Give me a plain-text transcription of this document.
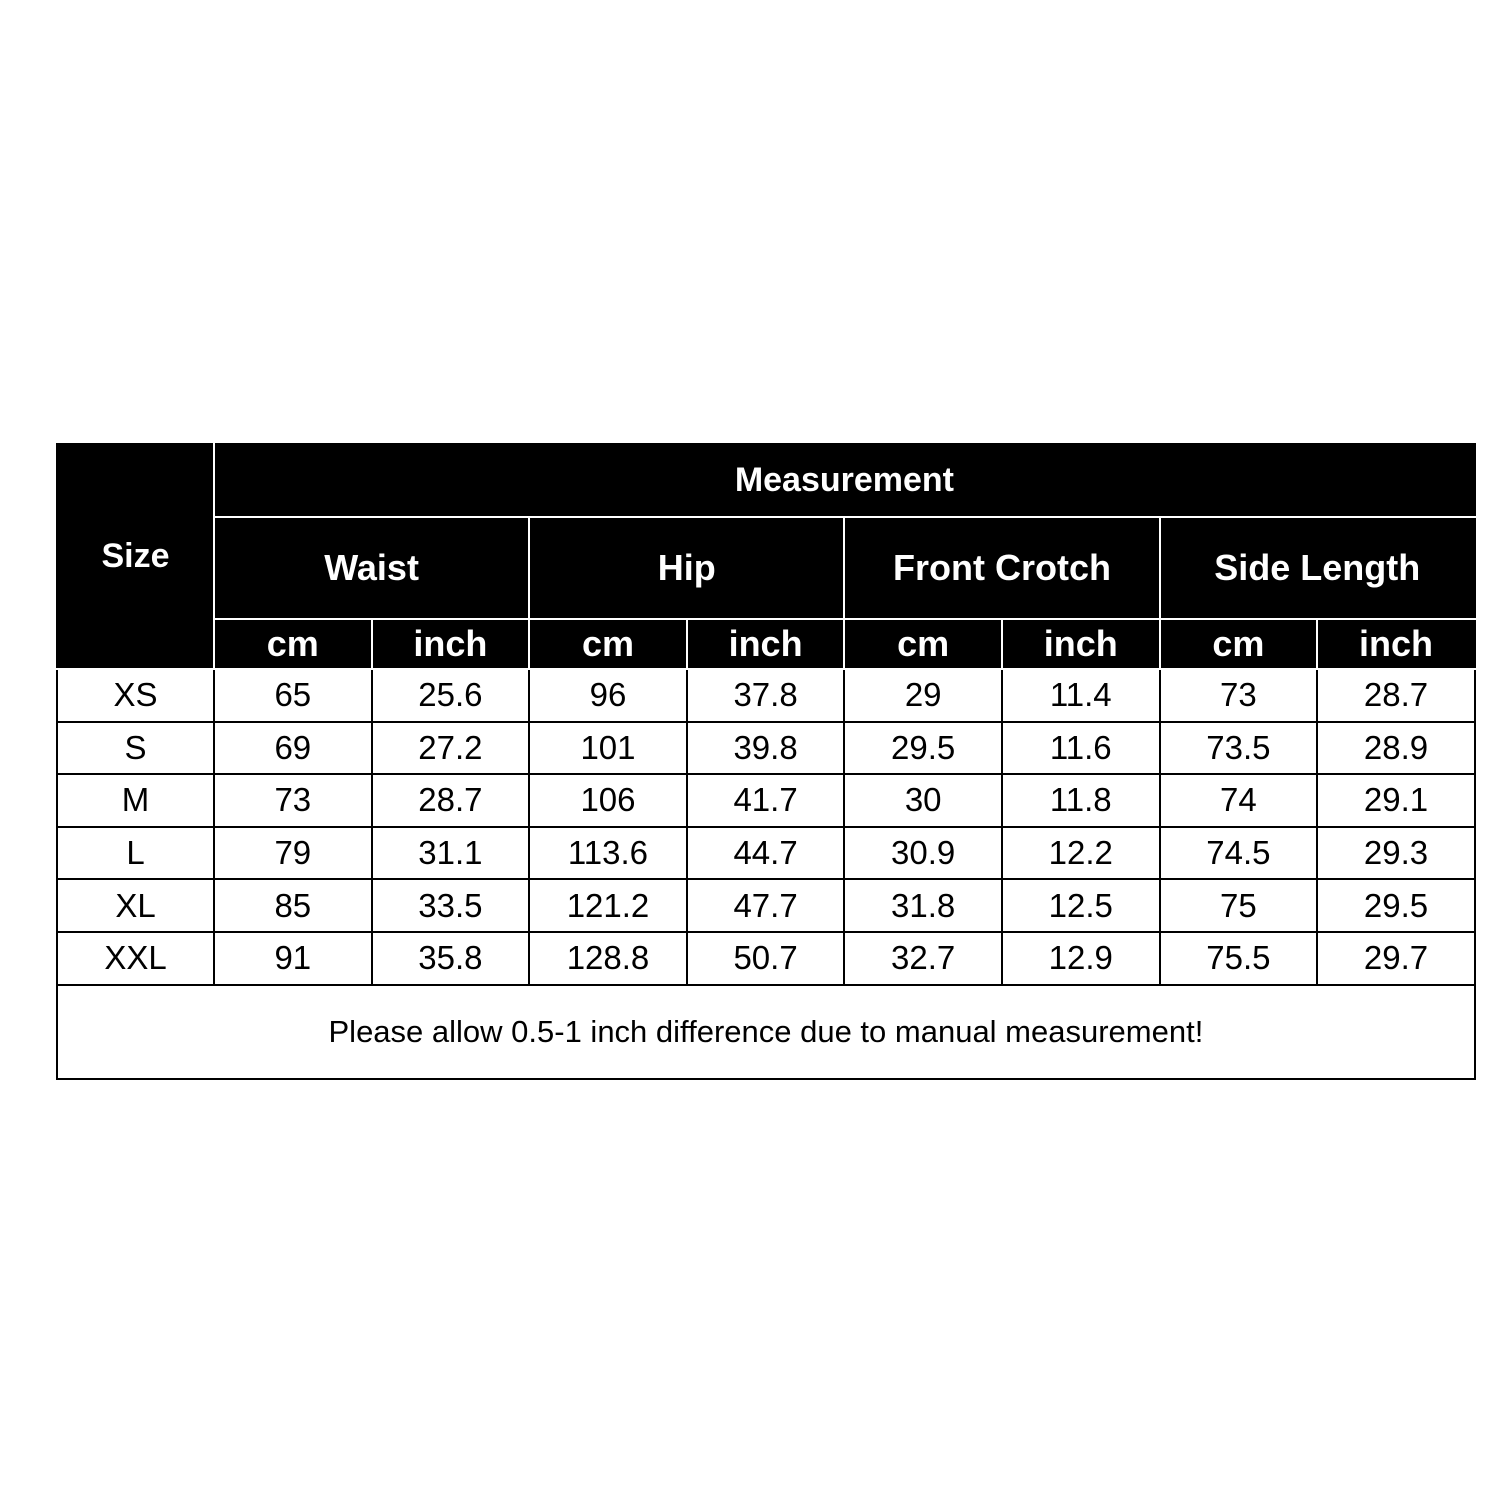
Size	Measurement							
	Waist		Hip		Front Crotch		Side Length	
	cm	inch	cm	inch	cm	inch	cm	inch
XS	65	25.6	96	37.8	29	11.4	73	28.7
S	69	27.2	101	39.8	29.5	11.6	73.5	28.9
M	73	28.7	106	41.7	30	11.8	74	29.1
L	79	31.1	113.6	44.7	30.9	12.2	74.5	29.3
XL	85	33.5	121.2	47.7	31.8	12.5	75	29.5
XXL	91	35.8	128.8	50.7	32.7	12.9	75.5	29.7
Please allow 0.5-1 inch difference due to manual measurement!								
